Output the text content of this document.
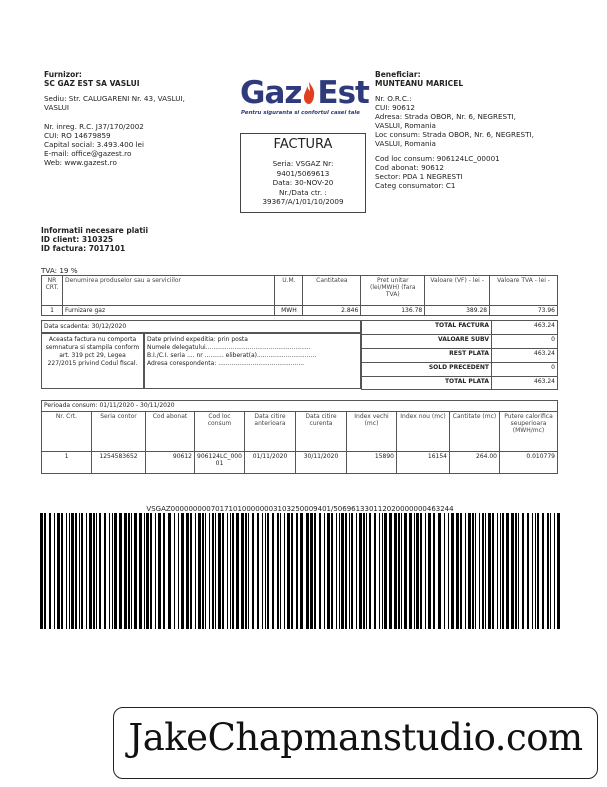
Furnizor:
SC GAZ EST SA VASLUI
Sediu: Str. CALUGARENI Nr. 43, VASLUI,
VASLUI
Nr. inreg. R.C. J37/170/2002
CUI: RO 14679859
Capital social: 3.493.400 lei
E-mail: office@gazest.ro
Web: www.gazest.ro
Gaz Est
Pentru siguranta si confortul casei tale
FACTURA
Seria: VSGAZ Nr:
9401/5069613
Data: 30-NOV-20
Nr./Data ctr. :
39367/A/1/01/10/2009
Beneficiar:
MUNTEANU MARICEL
Nr. O.R.C.:
CUI: 90612
Adresa: Strada OBOR, Nr. 6, NEGRESTI,
VASLUI, Romania
Loc consum: Strada OBOR, Nr. 6, NEGRESTI,
VASLUI, Romania
Cod loc consum: 906124LC_00001
Cod abonat: 90612
Sector: PDA 1 NEGRESTI
Categ consumator: C1
Informatii necesare platii
ID client: 310325
ID factura: 7017101
TVA: 19 %
NR CRT.	Denumirea produselor sau a serviciilor	U.M.	Cantitatea	Pret unitar (lei/MWH) (fara TVA)	Valoare (VF) - lei -	Valoare TVA - lei -
1	Furnizare gaz	MWH	2.846	136.78	389.28	73.96
Data scadenta: 30/12/2020
Aceasta factura nu comporta semnatura si stampila conform art. 319 pct 29, Legea 227/2015 privind Codul fiscal.
Date privind expeditia: prin posta
Numele delegatului.......................................................
B.I./C.I. seria .... nr .......... eliberat(a)...............................
Adresa corespondenta: .............................................
TOTAL FACTURA	463.24
VALOARE SUBV	0
REST PLATA	463.24
SOLD PRECEDENT	0
TOTAL PLATA	463.24
Perioada consum: 01/11/2020 - 30/11/2020									
Nr. Crt.	Seria contor	Cod abonat	Cod loc consum	Data citire anterioara	Data citire curenta	Index vechi (mc)	Index nou (mc)	Cantitate (mc)	Putere calorifica seuperioara (MWH/mc)
1	1254583652	90612	906124LC_00001	01/11/2020	30/11/2020	15890	16154	264.00	0.010779
VSGAZ000000000701710100000003103250009401/506961330112020000000463244
JakeChapmanstudio.com
